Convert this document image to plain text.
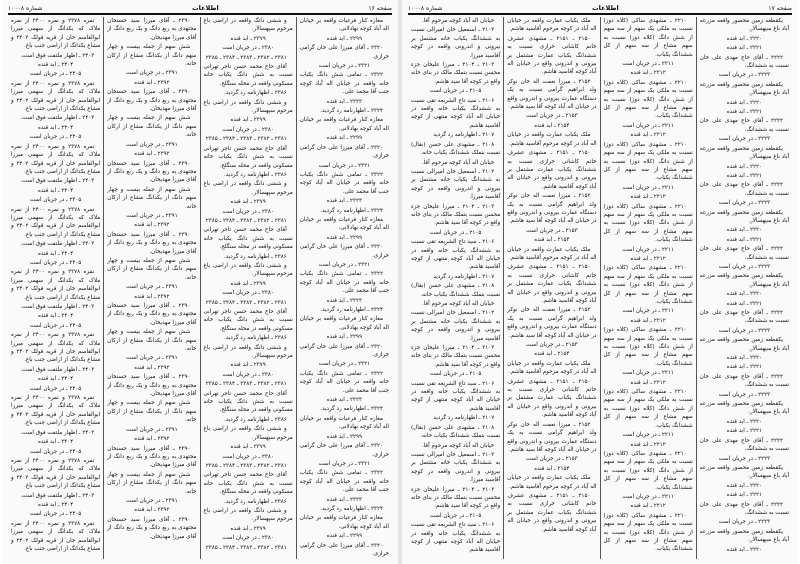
صفحه ۱۶
اطلاعات
شماره ۱۰۰۰۸

مغازه کنار فرعیات واقعه بر خیابان اله آباد کوچه بهادلانی.

۲۲۹۹ ـ ابد قنده

۲۳۲۰ ـ آقای میرزا علی خان گرامی خرازی.

۲۳۲۱ ـ در جریان است

۲۳۲۲ ـ تمامی شش دانگ یکباب خانه واقعه در خیابان اله آباد کوچه جنب آقا محمد علی.

۲۳۲۳ ـ ابد قنده

۲۳۲۴ ـ اظهارنامه رد گردید.

مغازه کنار فرعیات واقعه بر خیابان اله آباد کوچه بهادلانی.

۲۲۹۹ ـ ابد قنده

۲۳۲۰ ـ آقای میرزا علی خان گرامی خرازی.

۲۳۲۱ ـ در جریان است

۲۳۲۲ ـ تمامی شش دانگ یکباب خانه واقعه در خیابان اله آباد کوچه جنب آقا محمد علی.

۲۳۲۳ ـ ابد قنده

۲۳۲۴ ـ اظهارنامه رد گردید.

مغازه کنار فرعیات واقعه بر خیابان اله آباد کوچه بهادلانی.

۲۲۹۹ ـ ابد قنده

۲۳۲۰ ـ آقای میرزا علی خان گرامی خرازی.

۲۳۲۱ ـ در جریان است

۲۳۲۲ ـ تمامی شش دانگ یکباب خانه واقعه در خیابان اله آباد کوچه جنب آقا محمد علی.

۲۳۲۳ ـ ابد قنده

۲۳۲۴ ـ اظهارنامه رد گردید.

مغازه کنار فرعیات واقعه بر خیابان اله آباد کوچه بهادلانی.

۲۲۹۹ ـ ابد قنده

۲۳۲۰ ـ آقای میرزا علی خان گرامی خرازی.

۲۳۲۱ ـ در جریان است

۲۳۲۲ ـ تمامی شش دانگ یکباب خانه واقعه در خیابان اله آباد کوچه جنب آقا محمد علی.

۲۳۲۳ ـ ابد قنده

۲۳۲۴ ـ اظهارنامه رد گردید.

مغازه کنار فرعیات واقعه بر خیابان اله آباد کوچه بهادلانی.

۲۲۹۹ ـ ابد قنده

۲۳۲۰ ـ آقای میرزا علی خان گرامی خرازی.

۲۳۲۱ ـ در جریان است

۲۳۲۲ ـ تمامی شش دانگ یکباب خانه واقعه در خیابان اله آباد کوچه جنب آقا محمد علی.

۲۳۲۳ ـ ابد قنده

۲۳۲۴ ـ اظهارنامه رد گردید.

مغازه کنار فرعیات واقعه بر خیابان اله آباد کوچه بهادلانی.

۲۲۹۹ ـ ابد قنده

۲۳۲۰ ـ آقای میرزا علی خان گرامی خرازی.

و ششی دانگ واقعه در اراضی باغ مرحوم سپهسالار.

۲۳۷۹ ـ ابد قنده

۲۳۸۰ ـ در جریان است

۲۳۸۱ ـ ۲۳۸۲ ـ ۲۳۸۳ ـ ۲۳۸۴ ـ ۲۳۸۵

آقای حاج محمد حسن تاجر تهرانی نسبت به شش دانگ یکباب خانه مسکونی واقعه در محله سنگلج.

۲۳۸۶ ـ اظهارنامه رد گردید.

و ششی دانگ واقعه در اراضی باغ مرحوم سپهسالار.

۲۳۷۹ ـ ابد قنده

۲۳۸۰ ـ در جریان است

۲۳۸۱ ـ ۲۳۸۲ ـ ۲۳۸۳ ـ ۲۳۸۴ ـ ۲۳۸۵

آقای حاج محمد حسن تاجر تهرانی نسبت به شش دانگ یکباب خانه مسکونی واقعه در محله سنگلج.

۲۳۸۶ ـ اظهارنامه رد گردید.

و ششی دانگ واقعه در اراضی باغ مرحوم سپهسالار.

۲۳۷۹ ـ ابد قنده

۲۳۸۰ ـ در جریان است

۲۳۸۱ ـ ۲۳۸۲ ـ ۲۳۸۳ ـ ۲۳۸۴ ـ ۲۳۸۵

آقای حاج محمد حسن تاجر تهرانی نسبت به شش دانگ یکباب خانه مسکونی واقعه در محله سنگلج.

۲۳۸۶ ـ اظهارنامه رد گردید.

و ششی دانگ واقعه در اراضی باغ مرحوم سپهسالار.

۲۳۷۹ ـ ابد قنده

۲۳۸۰ ـ در جریان است

۲۳۸۱ ـ ۲۳۸۲ ـ ۲۳۸۳ ـ ۲۳۸۴ ـ ۲۳۸۵

آقای حاج محمد حسن تاجر تهرانی نسبت به شش دانگ یکباب خانه مسکونی واقعه در محله سنگلج.

۲۳۸۶ ـ اظهارنامه رد گردید.

و ششی دانگ واقعه در اراضی باغ مرحوم سپهسالار.

۲۳۷۹ ـ ابد قنده

۲۳۸۰ ـ در جریان است

۲۳۸۱ ـ ۲۳۸۲ ـ ۲۳۸۳ ـ ۲۳۸۴ ـ ۲۳۸۵

آقای حاج محمد حسن تاجر تهرانی نسبت به شش دانگ یکباب خانه مسکونی واقعه در محله سنگلج.

۲۳۸۶ ـ اظهارنامه رد گردید.

و ششی دانگ واقعه در اراضی باغ مرحوم سپهسالار.

۲۳۷۹ ـ ابد قنده

۲۳۸۰ ـ در جریان است

۲۳۸۱ ـ ۲۳۸۲ ـ ۲۳۸۳ ـ ۲۳۸۴ ـ ۲۳۸۵

آقای حاج محمد حسن تاجر تهرانی نسبت به شش دانگ یکباب خانه مسکونی واقعه در محله سنگلج.

۲۳۸۶ ـ اظهارنامه رد گردید.

و ششی دانگ واقعه در اراضی باغ مرحوم سپهسالار.

۲۳۷۹ ـ ابد قنده

۲۳۸۰ ـ در جریان است

۲۳۸۱ ـ ۲۳۸۲ ـ ۲۳۸۳ ـ ۲۳۸۴ ـ ۲۳۸۵

۲۳۹۰ ـ آقای میرزا سید حسنخان مجتهدی به ربع دانگ و یک ربع دانگ از آقای میرزا مهدیخان.

شش سهم از جمله بیست و چهار سهم دانگ از یکدانگ مشاع از ارکان خانه.

۲۳۹۱ ـ در جریان است

۲۳۹۲ ـ ابد قنده

۲۳۹۰ ـ آقای میرزا سید حسنخان مجتهدی به ربع دانگ و یک ربع دانگ از آقای میرزا مهدیخان.

شش سهم از جمله بیست و چهار سهم دانگ از یکدانگ مشاع از ارکان خانه.

۲۳۹۱ ـ در جریان است

۲۳۹۲ ـ ابد قنده

۲۳۹۰ ـ آقای میرزا سید حسنخان مجتهدی به ربع دانگ و یک ربع دانگ از آقای میرزا مهدیخان.

شش سهم از جمله بیست و چهار سهم دانگ از یکدانگ مشاع از ارکان خانه.

۲۳۹۱ ـ در جریان است

۲۳۹۲ ـ ابد قنده

۲۳۹۰ ـ آقای میرزا سید حسنخان مجتهدی به ربع دانگ و یک ربع دانگ از آقای میرزا مهدیخان.

شش سهم از جمله بیست و چهار سهم دانگ از یکدانگ مشاع از ارکان خانه.

۲۳۹۱ ـ در جریان است

۲۳۹۲ ـ ابد قنده

۲۳۹۰ ـ آقای میرزا سید حسنخان مجتهدی به ربع دانگ و یک ربع دانگ از آقای میرزا مهدیخان.

شش سهم از جمله بیست و چهار سهم دانگ از یکدانگ مشاع از ارکان خانه.

۲۳۹۱ ـ در جریان است

۲۳۹۲ ـ ابد قنده

۲۳۹۰ ـ آقای میرزا سید حسنخان مجتهدی به ربع دانگ و یک ربع دانگ از آقای میرزا مهدیخان.

شش سهم از جمله بیست و چهار سهم دانگ از یکدانگ مشاع از ارکان خانه.

۲۳۹۱ ـ در جریان است

۲۳۹۲ ـ ابد قنده

۲۳۹۰ ـ آقای میرزا سید حسنخان مجتهدی به ربع دانگ و یک ربع دانگ از آقای میرزا مهدیخان.

شش سهم از جمله بیست و چهار سهم دانگ از یکدانگ مشاع از ارکان خانه.

۲۳۹۱ ـ در جریان است

۲۳۹۲ ـ ابد قنده

۲۳۹۰ ـ آقای میرزا سید حسنخان مجتهدی به ربع دانگ و یک ربع دانگ از آقای میرزا مهدیخان.

نمره ۲۳۷۸ و نمره ۲۴۰۰ از نمره ملاک که یکدانگ از سهمی میرزا ابوالقاسم خان از قریه قولک ۲۴۰۲ و مشاع یکدانگ از اراضی جنب باغ.

۲۴۰۳ ـ اظهار ملتفت فوق است.

۲۴۰۴ ـ ابد قنده

۲۴۰۵ ـ در جریان است

نمره ۲۳۷۸ و نمره ۲۴۰۰ از نمره ملاک که یکدانگ از سهمی میرزا ابوالقاسم خان از قریه قولک ۲۴۰۲ و مشاع یکدانگ از اراضی جنب باغ.

۲۴۰۳ ـ اظهار ملتفت فوق است.

۲۴۰۴ ـ ابد قنده

۲۴۰۵ ـ در جریان است

نمره ۲۳۷۸ و نمره ۲۴۰۰ از نمره ملاک که یکدانگ از سهمی میرزا ابوالقاسم خان از قریه قولک ۲۴۰۲ و مشاع یکدانگ از اراضی جنب باغ.

۲۴۰۳ ـ اظهار ملتفت فوق است.

۲۴۰۴ ـ ابد قنده

۲۴۰۵ ـ در جریان است

نمره ۲۳۷۸ و نمره ۲۴۰۰ از نمره ملاک که یکدانگ از سهمی میرزا ابوالقاسم خان از قریه قولک ۲۴۰۲ و مشاع یکدانگ از اراضی جنب باغ.

۲۴۰۳ ـ اظهار ملتفت فوق است.

۲۴۰۴ ـ ابد قنده

۲۴۰۵ ـ در جریان است

نمره ۲۳۷۸ و نمره ۲۴۰۰ از نمره ملاک که یکدانگ از سهمی میرزا ابوالقاسم خان از قریه قولک ۲۴۰۲ و مشاع یکدانگ از اراضی جنب باغ.

۲۴۰۳ ـ اظهار ملتفت فوق است.

۲۴۰۴ ـ ابد قنده

۲۴۰۵ ـ در جریان است

نمره ۲۳۷۸ و نمره ۲۴۰۰ از نمره ملاک که یکدانگ از سهمی میرزا ابوالقاسم خان از قریه قولک ۲۴۰۲ و مشاع یکدانگ از اراضی جنب باغ.

۲۴۰۳ ـ اظهار ملتفت فوق است.

۲۴۰۴ ـ ابد قنده

۲۴۰۵ ـ در جریان است

نمره ۲۳۷۸ و نمره ۲۴۰۰ از نمره ملاک که یکدانگ از سهمی میرزا ابوالقاسم خان از قریه قولک ۲۴۰۲ و مشاع یکدانگ از اراضی جنب باغ.

۲۴۰۳ ـ اظهار ملتفت فوق است.

۲۴۰۴ ـ ابد قنده

۲۴۰۵ ـ در جریان است

نمره ۲۳۷۸ و نمره ۲۴۰۰ از نمره ملاک که یکدانگ از سهمی میرزا ابوالقاسم خان از قریه قولک ۲۴۰۲ و مشاع یکدانگ از اراضی جنب باغ.

۲۴۰۳ ـ اظهار ملتفت فوق است.

۲۴۰۴ ـ ابد قنده

۲۴۰۵ ـ در جریان است

نمره ۲۳۷۸ و نمره ۲۴۰۰ از نمره ملاک که یکدانگ از سهمی میرزا ابوالقاسم خان از قریه قولک ۲۴۰۲ و مشاع یکدانگ از اراضی جنب باغ.

صفحه ۱۷
اطلاعات
شماره ۱۰۰۰۸

یکقطعه زمین محصور واقعه مزرعه آباد باغ سپهسالار.

۲۲۲۰ ـ ابد قنده

۲۲۲۱ ـ ابد قنده

۲۲۲۲ ـ آقای حاج مهدی علی خان نسبت به ششدانگ.

۲۲۲۳ ـ در جریان است

یکقطعه زمین محصور واقعه مزرعه آباد باغ سپهسالار.

۲۲۲۰ ـ ابد قنده

۲۲۲۱ ـ ابد قنده

۲۲۲۲ ـ آقای حاج مهدی علی خان نسبت به ششدانگ.

۲۲۲۳ ـ در جریان است

یکقطعه زمین محصور واقعه مزرعه آباد باغ سپهسالار.

۲۲۲۰ ـ ابد قنده

۲۲۲۱ ـ ابد قنده

۲۲۲۲ ـ آقای حاج مهدی علی خان نسبت به ششدانگ.

۲۲۲۳ ـ در جریان است

یکقطعه زمین محصور واقعه مزرعه آباد باغ سپهسالار.

۲۲۲۰ ـ ابد قنده

۲۲۲۱ ـ ابد قنده

۲۲۲۲ ـ آقای حاج مهدی علی خان نسبت به ششدانگ.

۲۲۲۳ ـ در جریان است

یکقطعه زمین محصور واقعه مزرعه آباد باغ سپهسالار.

۲۲۲۰ ـ ابد قنده

۲۲۲۱ ـ ابد قنده

۲۲۲۲ ـ آقای حاج مهدی علی خان نسبت به ششدانگ.

۲۲۲۳ ـ در جریان است

یکقطعه زمین محصور واقعه مزرعه آباد باغ سپهسالار.

۲۲۲۰ ـ ابد قنده

۲۲۲۱ ـ ابد قنده

۲۲۲۲ ـ آقای حاج مهدی علی خان نسبت به ششدانگ.

۲۲۲۳ ـ در جریان است

یکقطعه زمین محصور واقعه مزرعه آباد باغ سپهسالار.

۲۲۲۰ ـ ابد قنده

۲۲۲۱ ـ ابد قنده

۲۲۲۲ ـ آقای حاج مهدی علی خان نسبت به ششدانگ.

۲۲۲۳ ـ در جریان است

یکقطعه زمین محصور واقعه مزرعه آباد باغ سپهسالار.

۲۲۲۰ ـ ابد قنده

۲۲۲۱ ـ ابد قنده

۲۲۲۲ ـ آقای حاج مهدی علی خان نسبت به ششدانگ.

۲۲۲۳ ـ در جریان است

یکقطعه زمین محصور واقعه مزرعه آباد باغ سپهسالار.

۲۲۲۰ ـ ابد قنده

۲۲۱۰ ـ مشهدی ساکی (کلاه دوز) نسبت به ملکی یک سهم از سه سهم از شش دانگ (کلاه دوز) نسبت به سهم مشاع از سه سهم از کل ششدانگ یکباب.

۲۲۱۱ ـ در جریان است

۲۲۱۲ ـ ابد قنده

۲۲۱۰ ـ مشهدی ساکی (کلاه دوز) نسبت به ملکی یک سهم از سه سهم از شش دانگ (کلاه دوز) نسبت به سهم مشاع از سه سهم از کل ششدانگ یکباب.

۲۲۱۱ ـ در جریان است

۲۲۱۲ ـ ابد قنده

۲۲۱۰ ـ مشهدی ساکی (کلاه دوز) نسبت به ملکی یک سهم از سه سهم از شش دانگ (کلاه دوز) نسبت به سهم مشاع از سه سهم از کل ششدانگ یکباب.

۲۲۱۱ ـ در جریان است

۲۲۱۲ ـ ابد قنده

۲۲۱۰ ـ مشهدی ساکی (کلاه دوز) نسبت به ملکی یک سهم از سه سهم از شش دانگ (کلاه دوز) نسبت به سهم مشاع از سه سهم از کل ششدانگ یکباب.

۲۲۱۱ ـ در جریان است

۲۲۱۲ ـ ابد قنده

۲۲۱۰ ـ مشهدی ساکی (کلاه دوز) نسبت به ملکی یک سهم از سه سهم از شش دانگ (کلاه دوز) نسبت به سهم مشاع از سه سهم از کل ششدانگ یکباب.

۲۲۱۱ ـ در جریان است

۲۲۱۲ ـ ابد قنده

۲۲۱۰ ـ مشهدی ساکی (کلاه دوز) نسبت به ملکی یک سهم از سه سهم از شش دانگ (کلاه دوز) نسبت به سهم مشاع از سه سهم از کل ششدانگ یکباب.

۲۲۱۱ ـ در جریان است

۲۲۱۲ ـ ابد قنده

۲۲۱۰ ـ مشهدی ساکی (کلاه دوز) نسبت به ملکی یک سهم از سه سهم از شش دانگ (کلاه دوز) نسبت به سهم مشاع از سه سهم از کل ششدانگ یکباب.

۲۲۱۱ ـ در جریان است

۲۲۱۲ ـ ابد قنده

۲۲۱۰ ـ مشهدی ساکی (کلاه دوز) نسبت به ملکی یک سهم از سه سهم از شش دانگ (کلاه دوز) نسبت به سهم مشاع از سه سهم از کل ششدانگ یکباب.

۲۲۱۱ ـ در جریان است

۲۲۱۲ ـ ابد قنده

۲۲۱۰ ـ مشهدی ساکی (کلاه دوز) نسبت به ملکی یک سهم از سه سهم از شش دانگ (کلاه دوز) نسبت به سهم مشاع از سه سهم از کل ششدانگ یکباب.

ملک یکباب عمارت واقعه در خیابان اله آباد در کوچه مرحوم آقاسید هاشم.

۲۱۵۰ ـ ۲۱۵۱ ـ مشهدی عشرف خانم کاشانی خرازی نسبت به ششدانگ یکباب عمارت مشتمل بر بیرونی و اندرونی واقع در خیابان اله آباد کوچه آقاسید هاشم.

۲۱۵۲ ـ میرزا نعمت اله خان نوکر ولد ابراهیم گرامی نسبت به یک دستگاه عمارت بیرونی و اندرونی واقع در خیابان اله آباد کوچه آقا سید هاشم.

۲۱۵۳ ـ در جریان است

۲۱۵۴ ـ ابد قنده

ملک یکباب عمارت واقعه در خیابان اله آباد در کوچه مرحوم آقاسید هاشم.

۲۱۵۰ ـ ۲۱۵۱ ـ مشهدی عشرف خانم کاشانی خرازی نسبت به ششدانگ یکباب عمارت مشتمل بر بیرونی و اندرونی واقع در خیابان اله آباد کوچه آقاسید هاشم.

۲۱۵۲ ـ میرزا نعمت اله خان نوکر ولد ابراهیم گرامی نسبت به یک دستگاه عمارت بیرونی و اندرونی واقع در خیابان اله آباد کوچه آقا سید هاشم.

۲۱۵۳ ـ در جریان است

۲۱۵۴ ـ ابد قنده

ملک یکباب عمارت واقعه در خیابان اله آباد در کوچه مرحوم آقاسید هاشم.

۲۱۵۰ ـ ۲۱۵۱ ـ مشهدی عشرف خانم کاشانی خرازی نسبت به ششدانگ یکباب عمارت مشتمل بر بیرونی و اندرونی واقع در خیابان اله آباد کوچه آقاسید هاشم.

۲۱۵۲ ـ میرزا نعمت اله خان نوکر ولد ابراهیم گرامی نسبت به یک دستگاه عمارت بیرونی و اندرونی واقع در خیابان اله آباد کوچه آقا سید هاشم.

۲۱۵۳ ـ در جریان است

۲۱۵۴ ـ ابد قنده

ملک یکباب عمارت واقعه در خیابان اله آباد در کوچه مرحوم آقاسید هاشم.

۲۱۵۰ ـ ۲۱۵۱ ـ مشهدی عشرف خانم کاشانی خرازی نسبت به ششدانگ یکباب عمارت مشتمل بر بیرونی و اندرونی واقع در خیابان اله آباد کوچه آقاسید هاشم.

۲۱۵۲ ـ میرزا نعمت اله خان نوکر ولد ابراهیم گرامی نسبت به یک دستگاه عمارت بیرونی و اندرونی واقع در خیابان اله آباد کوچه آقا سید هاشم.

۲۱۵۳ ـ در جریان است

۲۱۵۴ ـ ابد قنده

ملک یکباب عمارت واقعه در خیابان اله آباد در کوچه مرحوم آقاسید هاشم.

۲۱۵۰ ـ ۲۱۵۱ ـ مشهدی عشرف خانم کاشانی خرازی نسبت به ششدانگ یکباب عمارت مشتمل بر بیرونی و اندرونی واقع در خیابان اله آباد کوچه آقاسید هاشم.

خیابان اله آباد کوچه مرحوم آقا.

۲۱۰۲ ـ اسمعیل خان امیرالی نسبت به ششدانگ یکباب خانه مشتمل بر بیرونی و اندرونی واقعه در کوچه آقاسید میرزا.

۲۱۰۳ ـ ۲۱۰۴ ـ میرزا علیخان جزء محسن نسبت بتملک مالک در بنای خانه واقع در کوچه آقا سید هاشم.

۲۱۰۵ ـ در جریان است

۲۱۰۶ ـ سید تاج الشریعه تقی نسبت به ششدانگ یکباب خانه واقعه در خیابان اله آباد کوچه منتهی از کوچه آقاسید هاشم.

۲۱۰۷ ـ اظهارنامه رد گردید

۲۱۰۸ ـ مشهدی علی حسن (بقال) نسبت بتملک ششدانگ یکباب خانه.

خیابان اله آباد کوچه مرحوم آقا.

۲۱۰۲ ـ اسمعیل خان امیرالی نسبت به ششدانگ یکباب خانه مشتمل بر بیرونی و اندرونی واقعه در کوچه آقاسید میرزا.

۲۱۰۳ ـ ۲۱۰۴ ـ میرزا علیخان جزء محسن نسبت بتملک مالک در بنای خانه واقع در کوچه آقا سید هاشم.

۲۱۰۵ ـ در جریان است

۲۱۰۶ ـ سید تاج الشریعه تقی نسبت به ششدانگ یکباب خانه واقعه در خیابان اله آباد کوچه منتهی از کوچه آقاسید هاشم.

۲۱۰۷ ـ اظهارنامه رد گردید

۲۱۰۸ ـ مشهدی علی حسن (بقال) نسبت بتملک ششدانگ یکباب خانه.

خیابان اله آباد کوچه مرحوم آقا.

۲۱۰۲ ـ اسمعیل خان امیرالی نسبت به ششدانگ یکباب خانه مشتمل بر بیرونی و اندرونی واقعه در کوچه آقاسید میرزا.

۲۱۰۳ ـ ۲۱۰۴ ـ میرزا علیخان جزء محسن نسبت بتملک مالک در بنای خانه واقع در کوچه آقا سید هاشم.

۲۱۰۵ ـ در جریان است

۲۱۰۶ ـ سید تاج الشریعه تقی نسبت به ششدانگ یکباب خانه واقعه در خیابان اله آباد کوچه منتهی از کوچه آقاسید هاشم.

۲۱۰۷ ـ اظهارنامه رد گردید

۲۱۰۸ ـ مشهدی علی حسن (بقال) نسبت بتملک ششدانگ یکباب خانه.

خیابان اله آباد کوچه مرحوم آقا.

۲۱۰۲ ـ اسمعیل خان امیرالی نسبت به ششدانگ یکباب خانه مشتمل بر بیرونی و اندرونی واقعه در کوچه آقاسید میرزا.

۲۱۰۳ ـ ۲۱۰۴ ـ میرزا علیخان جزء محسن نسبت بتملک مالک در بنای خانه واقع در کوچه آقا سید هاشم.

۲۱۰۵ ـ در جریان است

۲۱۰۶ ـ سید تاج الشریعه تقی نسبت به ششدانگ یکباب خانه واقعه در خیابان اله آباد کوچه منتهی از کوچه آقاسید هاشم.
